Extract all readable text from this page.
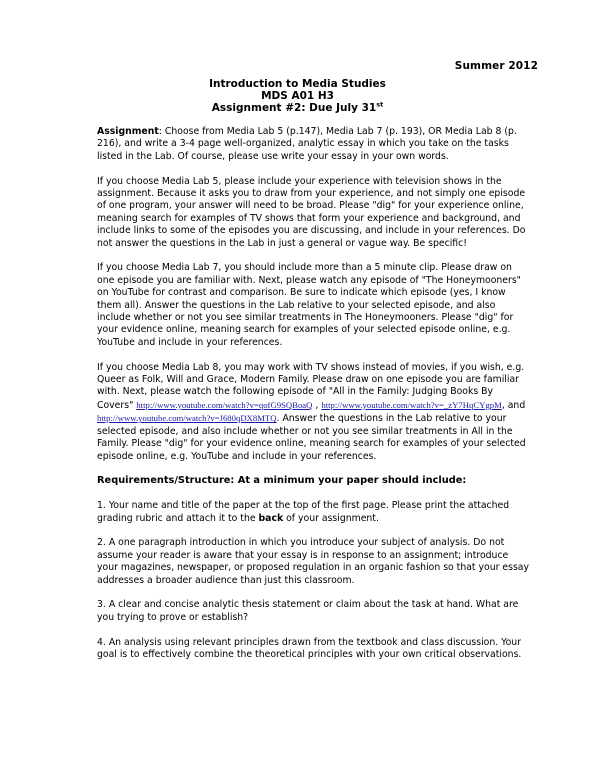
Summer 2012
Introduction to Media Studies
MDS A01 H3
Assignment #2: Due July 31st

Assignment: Choose from Media Lab 5 (p.147), Media Lab 7 (p. 193), OR Media Lab 8 (p. 216), and write a 3-4 page well-organized, analytic essay in which you take on the tasks listed in the Lab. Of course, please use write your essay in your own words.

If you choose Media Lab 5, please include your experience with television shows in the assignment. Because it asks you to draw from your experience, and not simply one episode of one program, your answer will need to be broad. Please "dig" for your experience online, meaning search for examples of TV shows that form your experience and background, and include links to some of the episodes you are discussing, and include in your references. Do not answer the questions in the Lab in just a general or vague way. Be specific!

If you choose Media Lab 7, you should include more than a 5 minute clip. Please draw on one episode you are familiar with. Next, please watch any episode of "The Honeymooners" on YouTube for contrast and comparison. Be sure to indicate which episode (yes, I know them all). Answer the questions in the Lab relative to your selected episode, and also include whether or not you see similar treatments in The Honeymooners. Please "dig" for your evidence online, meaning search for examples of your selected episode online, e.g. YouTube and include in your references.

If you choose Media Lab 8, you may work with TV shows instead of movies, if you wish, e.g. Queer as Folk, Will and Grace, Modern Family. Please draw on one episode you are familiar with. Next, please watch the following episode of "All in the Family: Judging Books By Covers" http://www.youtube.com/watch?v=qofG9SQBoaQ , http://www.youtube.com/watch?v=_zY7HqCYgpM, and http://www.youtube.com/watch?v=J680qDX8MTQ. Answer the questions in the Lab relative to your selected episode, and also include whether or not you see similar treatments in All in the Family. Please "dig" for your evidence online, meaning search for examples of your selected episode online, e.g. YouTube and include in your references.

Requirements/Structure: At a minimum your paper should include:

1. Your name and title of the paper at the top of the first page. Please print the attached grading rubric and attach it to the back of your assignment.

2. A one paragraph introduction in which you introduce your subject of analysis. Do not assume your reader is aware that your essay is in response to an assignment; introduce your magazines, newspaper, or proposed regulation in an organic fashion so that your essay addresses a broader audience than just this classroom.

3. A clear and concise analytic thesis statement or claim about the task at hand. What are you trying to prove or establish?

4. An analysis using relevant principles drawn from the textbook and class discussion. Your goal is to effectively combine the theoretical principles with your own critical observations.
